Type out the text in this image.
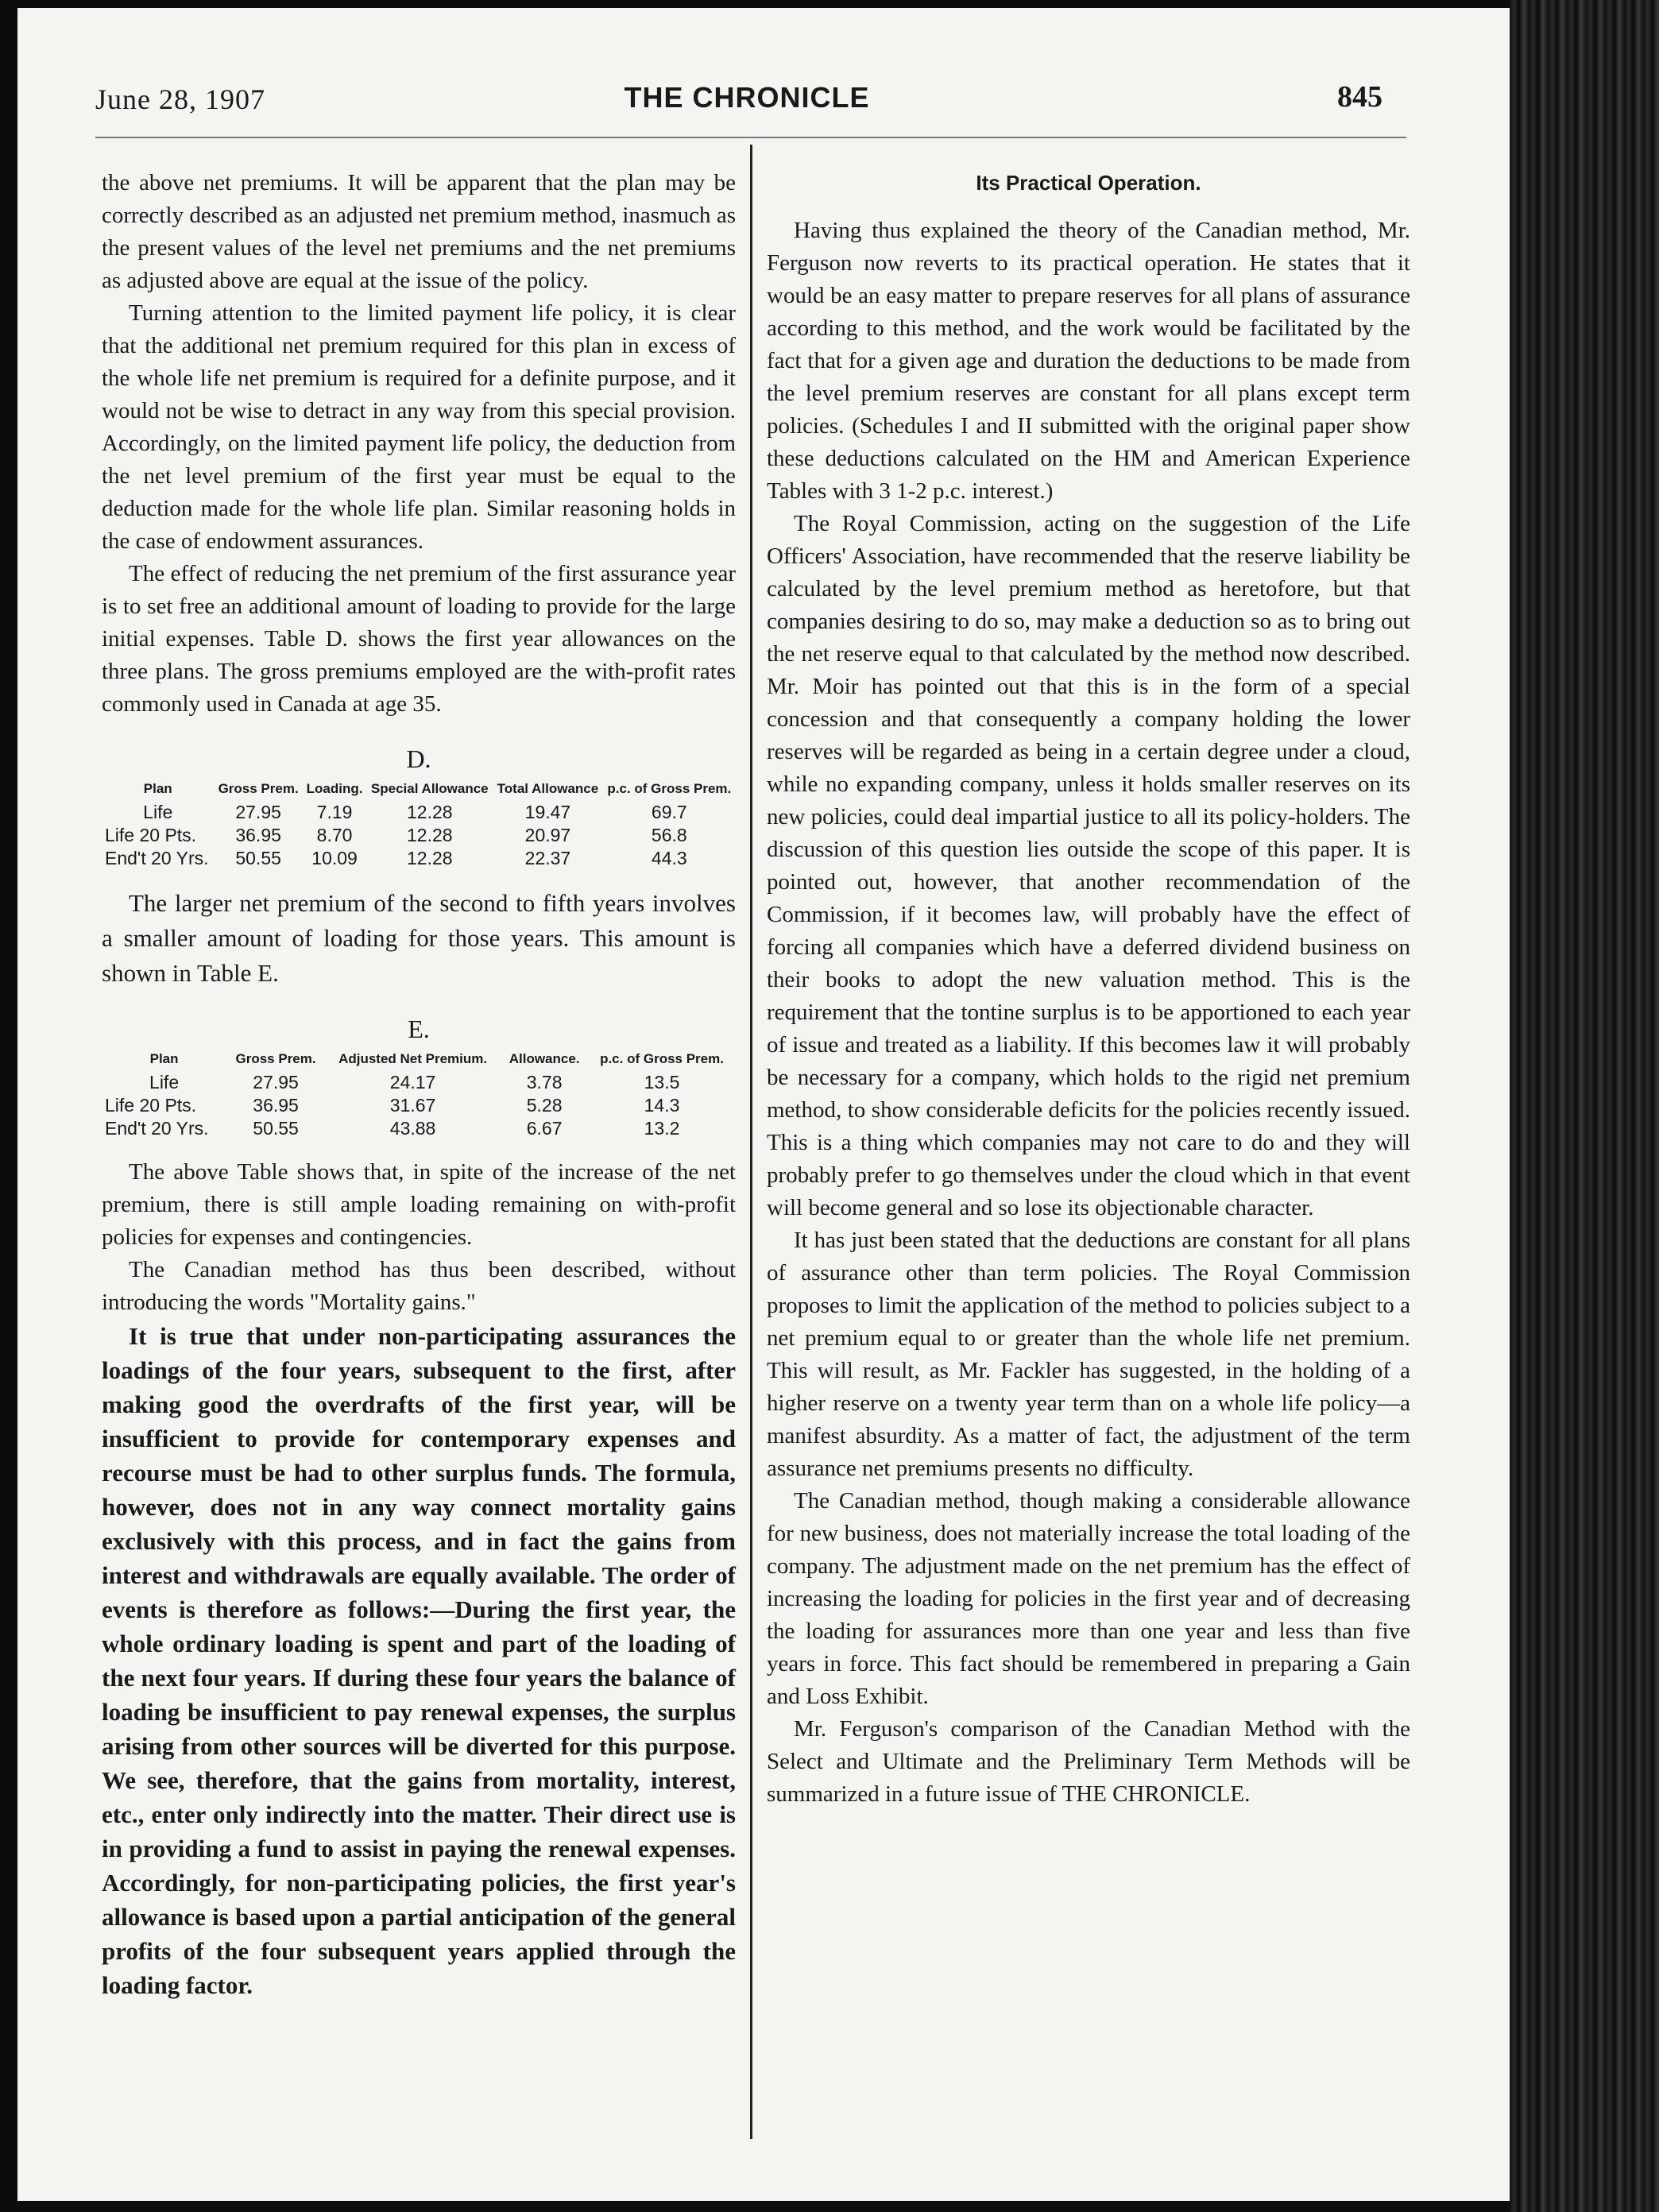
June 28, 1907	THE CHRONICLE	845

the above net premiums. It will be apparent that the plan may be correctly described as an adjusted net premium method, inasmuch as the present values of the level net premiums and the net premiums as adjusted above are equal at the issue of the policy.

Turning attention to the limited payment life policy, it is clear that the additional net premium required for this plan in excess of the whole life net premium is required for a definite purpose, and it would not be wise to detract in any way from this special provision. Accordingly, on the limited payment life policy, the deduction from the net level premium of the first year must be equal to the deduction made for the whole life plan. Similar reasoning holds in the case of endowment assurances.

The effect of reducing the net premium of the first assurance year is to set free an additional amount of loading to provide for the large initial expenses. Table D. shows the first year allowances on the three plans. The gross premiums employed are the with-profit rates commonly used in Canada at age 35.

D.
Plan	Gross Prem.	Loading.	Special Allowance	Total Allowance	p.c. of Gross Prem.
Life	27.95	7.19	12.28	19.47	69.7
Life 20 Pts.	36.95	8.70	12.28	20.97	56.8
End't 20 Yrs.	50.55	10.09	12.28	22.37	44.3

The larger net premium of the second to fifth years involves a smaller amount of loading for those years. This amount is shown in Table E.

E.
Plan	Gross Prem.	Adjusted Net Premium.	Allowance.	p.c. of Gross Prem.
Life	27.95	24.17	3.78	13.5
Life 20 Pts.	36.95	31.67	5.28	14.3
End't 20 Yrs.	50.55	43.88	6.67	13.2

The above Table shows that, in spite of the increase of the net premium, there is still ample loading remaining on with-profit policies for expenses and contingencies.

The Canadian method has thus been described, without introducing the words "Mortality gains."

It is true that under non-participating assurances the loadings of the four years, subsequent to the first, after making good the overdrafts of the first year, will be insufficient to provide for contemporary expenses and recourse must be had to other surplus funds. The formula, however, does not in any way connect mortality gains exclusively with this process, and in fact the gains from interest and withdrawals are equally available. The order of events is therefore as follows:—During the first year, the whole ordinary loading is spent and part of the loading of the next four years. If during these four years the balance of loading be insufficient to pay renewal expenses, the surplus arising from other sources will be diverted for this purpose. We see, therefore, that the gains from mortality, interest, etc., enter only indirectly into the matter. Their direct use is in providing a fund to assist in paying the renewal expenses. Accordingly, for non-participating policies, the first year's allowance is based upon a partial anticipation of the general profits of the four subsequent years applied through the loading factor.

Its Practical Operation.

Having thus explained the theory of the Canadian method, Mr. Ferguson now reverts to its practical operation. He states that it would be an easy matter to prepare reserves for all plans of assurance according to this method, and the work would be facilitated by the fact that for a given age and duration the deductions to be made from the level premium reserves are constant for all plans except term policies. (Schedules I and II submitted with the original paper show these deductions calculated on the HM and American Experience Tables with 3 1-2 p.c. interest.)

The Royal Commission, acting on the suggestion of the Life Officers' Association, have recommended that the reserve liability be calculated by the level premium method as heretofore, but that companies desiring to do so, may make a deduction so as to bring out the net reserve equal to that calculated by the method now described. Mr. Moir has pointed out that this is in the form of a special concession and that consequently a company holding the lower reserves will be regarded as being in a certain degree under a cloud, while no expanding company, unless it holds smaller reserves on its new policies, could deal impartial justice to all its policy-holders. The discussion of this question lies outside the scope of this paper. It is pointed out, however, that another recommendation of the Commission, if it becomes law, will probably have the effect of forcing all companies which have a deferred dividend business on their books to adopt the new valuation method. This is the requirement that the tontine surplus is to be apportioned to each year of issue and treated as a liability. If this becomes law it will probably be necessary for a company, which holds to the rigid net premium method, to show considerable deficits for the policies recently issued. This is a thing which companies may not care to do and they will probably prefer to go themselves under the cloud which in that event will become general and so lose its objectionable character.

It has just been stated that the deductions are constant for all plans of assurance other than term policies. The Royal Commission proposes to limit the application of the method to policies subject to a net premium equal to or greater than the whole life net premium. This will result, as Mr. Fackler has suggested, in the holding of a higher reserve on a twenty year term than on a whole life policy—a manifest absurdity. As a matter of fact, the adjustment of the term assurance net premiums presents no difficulty.

The Canadian method, though making a considerable allowance for new business, does not materially increase the total loading of the company. The adjustment made on the net premium has the effect of increasing the loading for policies in the first year and of decreasing the loading for assurances more than one year and less than five years in force. This fact should be remembered in preparing a Gain and Loss Exhibit.

Mr. Ferguson's comparison of the Canadian Method with the Select and Ultimate and the Preliminary Term Methods will be summarized in a future issue of THE CHRONICLE.
